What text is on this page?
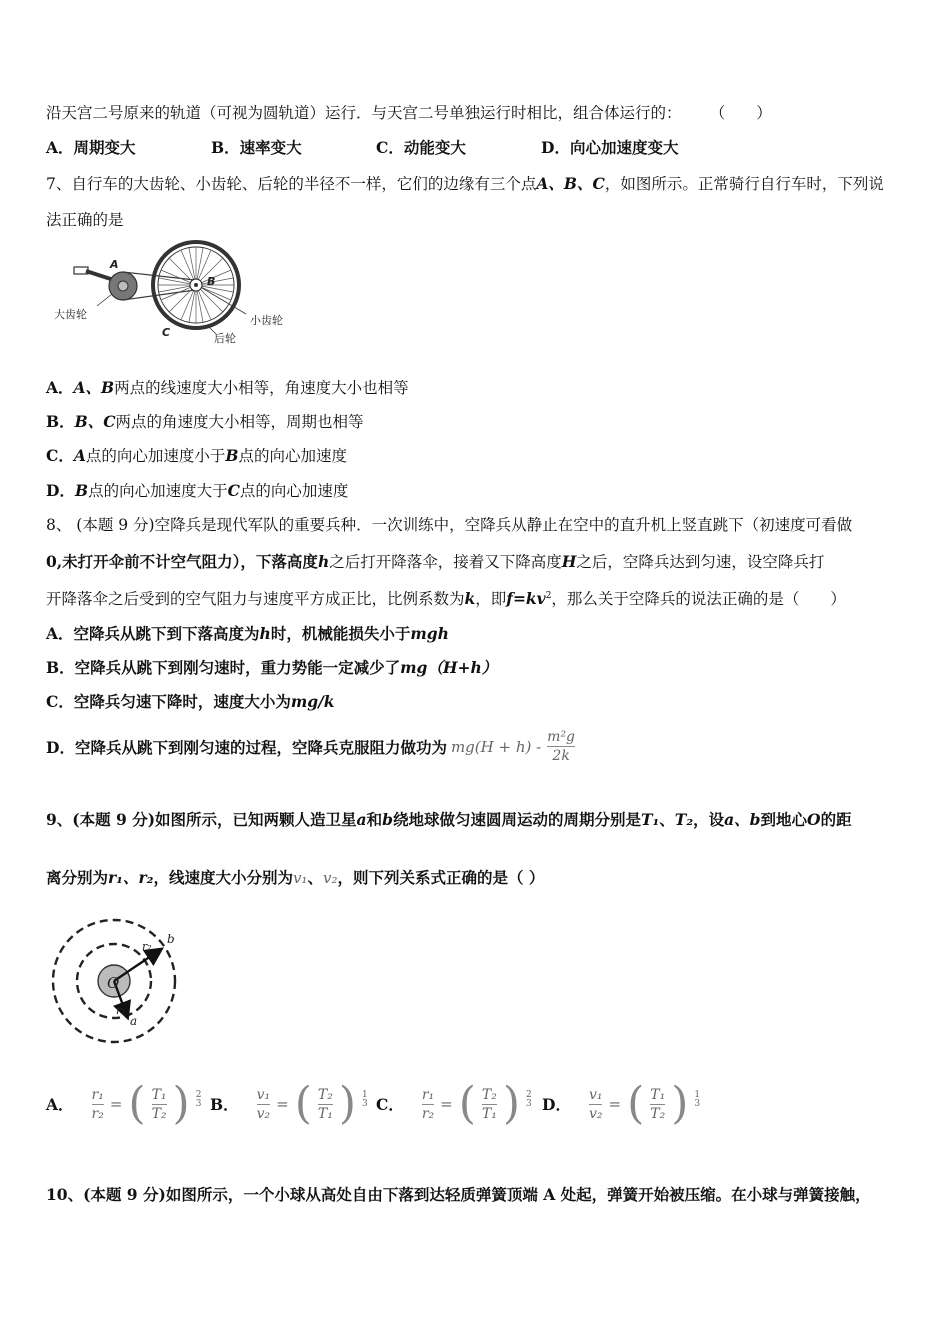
沿天宫二号原来的轨道（可视为圆轨道）运行．与天宫二号单独运行时相比，组合体运行的： （　　）
A．周期变大	B．速率变大	C．动能变大	D．向心加速度变大
7、自行车的大齿轮、小齿轮、后轮的半径不一样，它们的边缘有三个点A、B、C，如图所示。正常骑行自行车时，下列说
法正确的是
A
B
C
大齿轮	小齿轮
后轮
A．A、B两点的线速度大小相等，角速度大小也相等
B．B、C两点的角速度大小相等，周期也相等
C．A点的向心加速度小于B点的向心加速度
D．B点的向心加速度大于C点的向心加速度
8、 (本题 9 分)空降兵是现代军队的重要兵种．一次训练中，空降兵从静止在空中的直升机上竖直跳下（初速度可看做
0,未打开伞前不计空气阻力），下落高度h之后打开降落伞，接着又下降高度H之后，空降兵达到匀速，设空降兵打
开降落伞之后受到的空气阻力与速度平方成正比，比例系数为k，即$f=kv^2$，那么关于空降兵的说法正确的是（　　）
A．空降兵从跳下到下落高度为h时，机械能损失小于mgh
B．空降兵从跳下到刚匀速时，重力势能一定减少了mg（H+h）
C．空降兵匀速下降时，速度大小为mg/k
D．空降兵从跳下到刚匀速的过程，空降兵克服阻力做功为 $mg(H + h) - \frac{\text{m²g}}{2k}$
9、(本题 9 分)如图所示，已知两颗人造卫星a和b绕地球做匀速圆周运动的周期分别是T₁、T₂，设a、b到地心O的距
离分别为r₁、r₂，线速度大小分别为v₁、v₂，则下列关系式正确的是（ ）
O
r₂
b
r₁
a
A． $\frac{\text{r₁}}{\text{r₂}}$ = ( $\frac{\text{T₁}}{\text{T₂}}$ ) 2
3 B． $\frac{\text{v₁}}{\text{v₂}}$ = ( $\frac{\text{T₂}}{\text{T₁}}$ ) 1
3 C． $\frac{\text{r₁}}{\text{r₂}}$ = ( $\frac{\text{T₂}}{\text{T₁}}$ ) 2
3 D． $\frac{\text{v₁}}{\text{v₂}}$ = ( $\frac{\text{T₁}}{\text{T₂}}$ ) 1
3
10、(本题 9 分)如图所示，一个小球从高处自由下落到达轻质弹簧顶端 A 处起，弹簧开始被压缩。在小球与弹簧接触，
